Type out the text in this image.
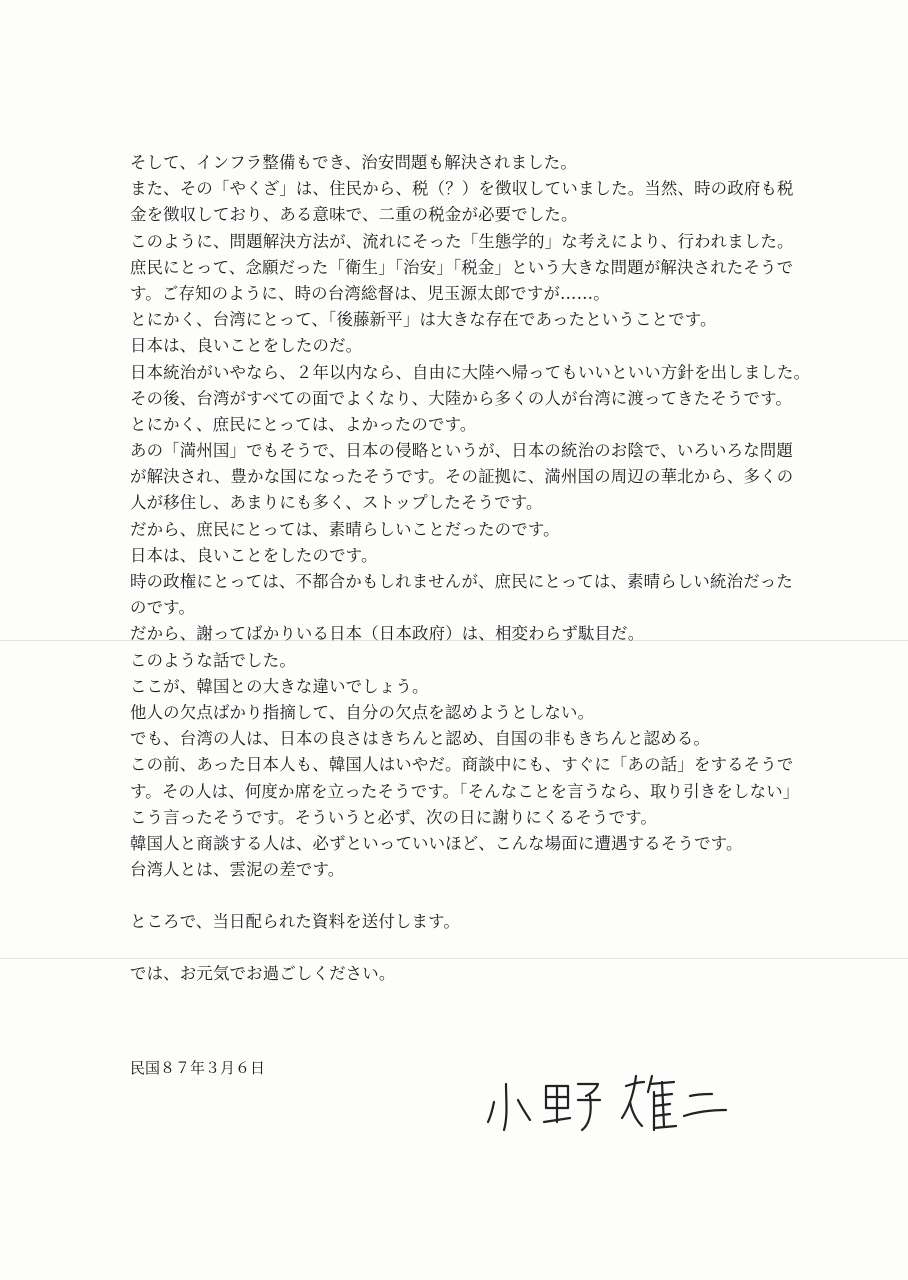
そして、インフラ整備もでき、治安問題も解決されました。
また、その「やくざ」は、住民から、税（？）を徴収していました。当然、時の政府も税
金を徴収しており、ある意味で、二重の税金が必要でした。
このように、問題解決方法が、流れにそった「生態学的」な考えにより、行われました。
庶民にとって、念願だった「衛生」「治安」「税金」という大きな問題が解決されたそうで
す。ご存知のように、時の台湾総督は、児玉源太郎ですが……。
とにかく、台湾にとって、「後藤新平」は大きな存在であったということです。
日本は、良いことをしたのだ。
日本統治がいやなら、２年以内なら、自由に大陸へ帰ってもいいといい方針を出しました。
その後、台湾がすべての面でよくなり、大陸から多くの人が台湾に渡ってきたそうです。
とにかく、庶民にとっては、よかったのです。
あの「満州国」でもそうで、日本の侵略というが、日本の統治のお陰で、いろいろな問題
が解決され、豊かな国になったそうです。その証拠に、満州国の周辺の華北から、多くの
人が移住し、あまりにも多く、ストップしたそうです。
だから、庶民にとっては、素晴らしいことだったのです。
日本は、良いことをしたのです。
時の政権にとっては、不都合かもしれませんが、庶民にとっては、素晴らしい統治だった
のです。
だから、謝ってばかりいる日本（日本政府）は、相変わらず駄目だ。
このような話でした。
ここが、韓国との大きな違いでしょう。
他人の欠点ばかり指摘して、自分の欠点を認めようとしない。
でも、台湾の人は、日本の良さはきちんと認め、自国の非もきちんと認める。
この前、あった日本人も、韓国人はいやだ。商談中にも、すぐに「あの話」をするそうで
す。その人は、何度か席を立ったそうです。「そんなことを言うなら、取り引きをしない」
こう言ったそうです。そういうと必ず、次の日に謝りにくるそうです。
韓国人と商談する人は、必ずといっていいほど、こんな場面に遭遇するそうです。
台湾人とは、雲泥の差です。
ところで、当日配られた資料を送付します。
では、お元気でお過ごしください。
民国８７年３月６日
